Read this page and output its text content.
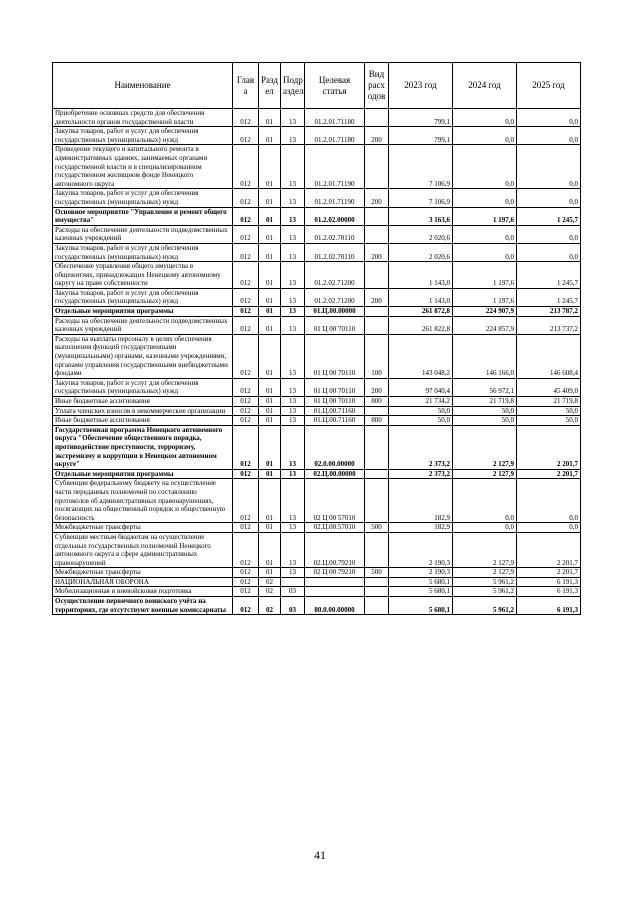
Наименование	Глав а	Разд ел	Подр аздел	Целевая статья	Вид расх одов	2023 год	2024 год	2025 год
Приобретение основных средств для обеспечения деятельности органов государственной власти	012	01	13	01.2.01.71180		799,1	0,0	0,0
Закупка товаров, работ и услуг для обеспечения государственных (муниципальных) нужд	012	01	13	01.2.01.71180	200	799,1	0,0	0,0
Проведение текущего и капитального ремонта в административных зданиях, занимаемых органами государственной власти и в специализированном государственном жилищном фонде Ненецкого автономного округа	012	01	13	01.2.01.71190		7 106,9	0,0	0,0
Закупка товаров, работ и услуг для обеспечения государственных (муниципальных) нужд	012	01	13	01.2.01.71190	200	7 106,9	0,0	0,0
Основное мероприятие "Управление и ремонт общего имущества"	012	01	13	01.2.02.00000		3 163,6	1 197,6	1 245,7
Расходы на обеспечение деятельности подведомственных казенных учреждений	012	01	13	01.2.02.70110		2 020,6	0,0	0,0
Закупка товаров, работ и услуг для обеспечения государственных (муниципальных) нужд	012	01	13	01.2.02.70110	200	2 020,6	0,0	0,0
Обеспечение управления общего имущества в общежитиях, принадлежащих Ненецкому автономному округу на праве собственности	012	01	13	01.2.02.71200		1 143,0	1 197,6	1 245,7
Закупка товаров, работ и услуг для обеспечения государственных (муниципальных) нужд	012	01	13	01.2.02.71200	200	1 143,0	1 197,6	1 245,7
Отдельные мероприятия программы	012	01	13	01.Ц.00.00000		261 872,8	224 907,9	213 787,2
Расходы на обеспечение деятельности подведомственных казенных учреждений	012	01	13	01 Ц 00 70110		261 822,8	224 857,9	213 737,2
Расходы на выплаты персоналу в целях обеспечения выполнения функций государственными (муниципальными) органами, казенными учреждениями, органами управления государственными внебюджетными фондами	012	01	13	01 Ц 00 70110	100	143 048,2	146 166,0	146 608,4
Закупка товаров, работ и услуг для обеспечения государственных (муниципальных) нужд	012	01	13	01 Ц 00 70110	200	97 040,4	56 972,1	45 409,0
Иные бюджетные ассигнования	012	01	13	01 Ц 00 70110	800	21 734,2	21 719,8	21 719,8
Уплата членских взносов в некоммерческие организации	012	01	13	01.Ц.00.71160		50,0	50,0	50,0
Иные бюджетные ассигнования	012	01	13	01.Ц.00.71160	800	50,0	50,0	50,0
Государственная программа Ненецкого автономного округа "Обеспечение общественного порядка, противодействие преступности, терроризму, экстремизму и коррупции в Ненецком автономном округе"	012	01	13	02.0.00.00000		2 373,2	2 127,9	2 201,7
Отдельные мероприятия программы	012	01	13	02.Ц.00.00000		2 373,2	2 127,9	2 201,7
Субвенции федеральному бюджету на осуществление части переданных полномочий по составлению протоколов об административных правонарушениях, посягающих на общественный порядок и общественную безопасность	012	01	13	02 Ц 00 57010		182,9	0,0	0,0
Межбюджетные трансферты	012	01	13	02.Ц.00.57010	500	182,9	0,0	0,0
Субвенции местным бюджетам на осуществление отдельных государственных полномочий Ненецкого автономного округа в сфере административных правонарушений	012	01	13	02.Ц.00.79210		2 190,3	2 127,9	2 201,7
Межбюджетные трансферты	012	01	13	02 Ц 00 79210	500	2 190,3	2 127,9	2 201,7
НАЦИОНАЛЬНАЯ ОБОРОНА	012	02				5 680,1	5 961,2	6 191,3
Мобилизационная и вневойсковая подготовка	012	02	03			5 680,1	5 961,2	6 191,3
Осуществление первичного воинского учёта на территориях, где отсутствуют военные комиссариаты	012	02	03	80.0.00.00000		5 680,1	5 961,2	6 191,3
41
